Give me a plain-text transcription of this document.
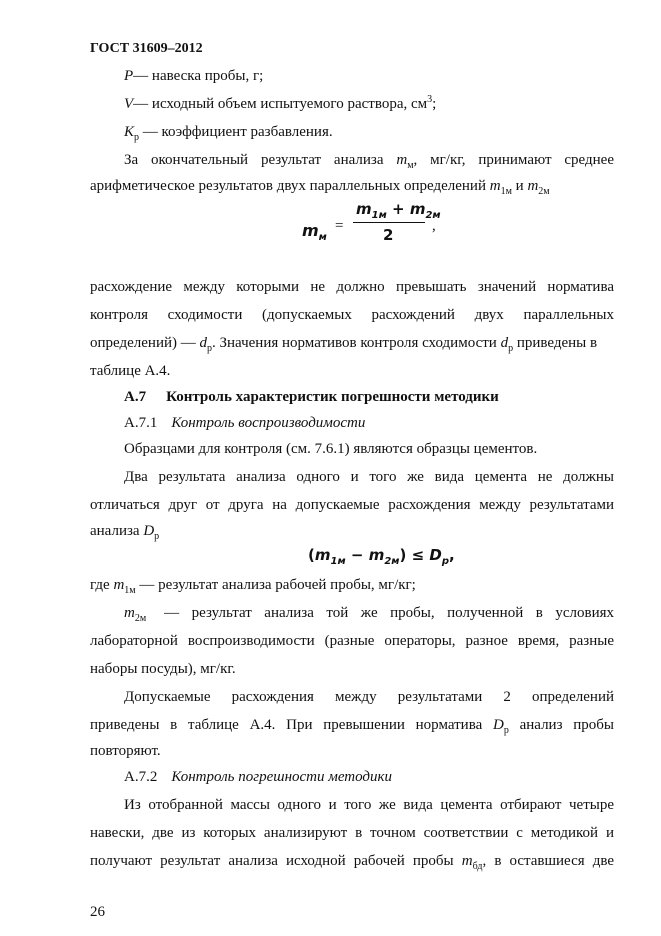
ГОСТ 31609–2012
P— навеска пробы, г;
V— исходный объем испытуемого раствора, $см^3$;
$K_р$ — коэффициент разбавления.
За окончательный результат анализа $m_м$, мг/кг, принимают среднее
арифметическое результатов двух параллельных определений $m_{1м}$ и $m_{2м}$
$m_м$
=
$m_{1м} + m_{2м}$
2	,
расхождение между которыми не должно превышать значений норматива
контроля сходимости (допускаемых расхождений двух параллельных
определений) — $d_р$. Значения нормативов контроля сходимости $d_р$ приведены в
таблице А.4.
А.7 Контроль характеристик погрешности методики
А.7.1 Контроль воспроизводимости
Образцами для контроля (см. 7.6.1) являются образцы цементов.
Два результата анализа одного и того же вида цемента не должны
отличаться друг от друга на допускаемые расхождения между результатами
анализа $D_р$
$(m_{1м} - m_{2м}) \le D_р$,
где $m_{1м}$ — результат анализа рабочей пробы, мг/кг;
$m_{2м}$ — результат анализа той же пробы, полученной в условиях
лабораторной воспроизводимости (разные операторы, разное время, разные
наборы посуды), мг/кг.
Допускаемые расхождения между результатами 2 определений
приведены в таблице А.4. При превышении норматива $D_р$ анализ пробы
повторяют.
А.7.2 Контроль погрешности методики
Из отобранной массы одного и того же вида цемента отбирают четыре
навески, две из которых анализируют в точном соответствии с методикой и
получают результат анализа исходной рабочей пробы $m_{бд}$, в оставшиеся две
26
